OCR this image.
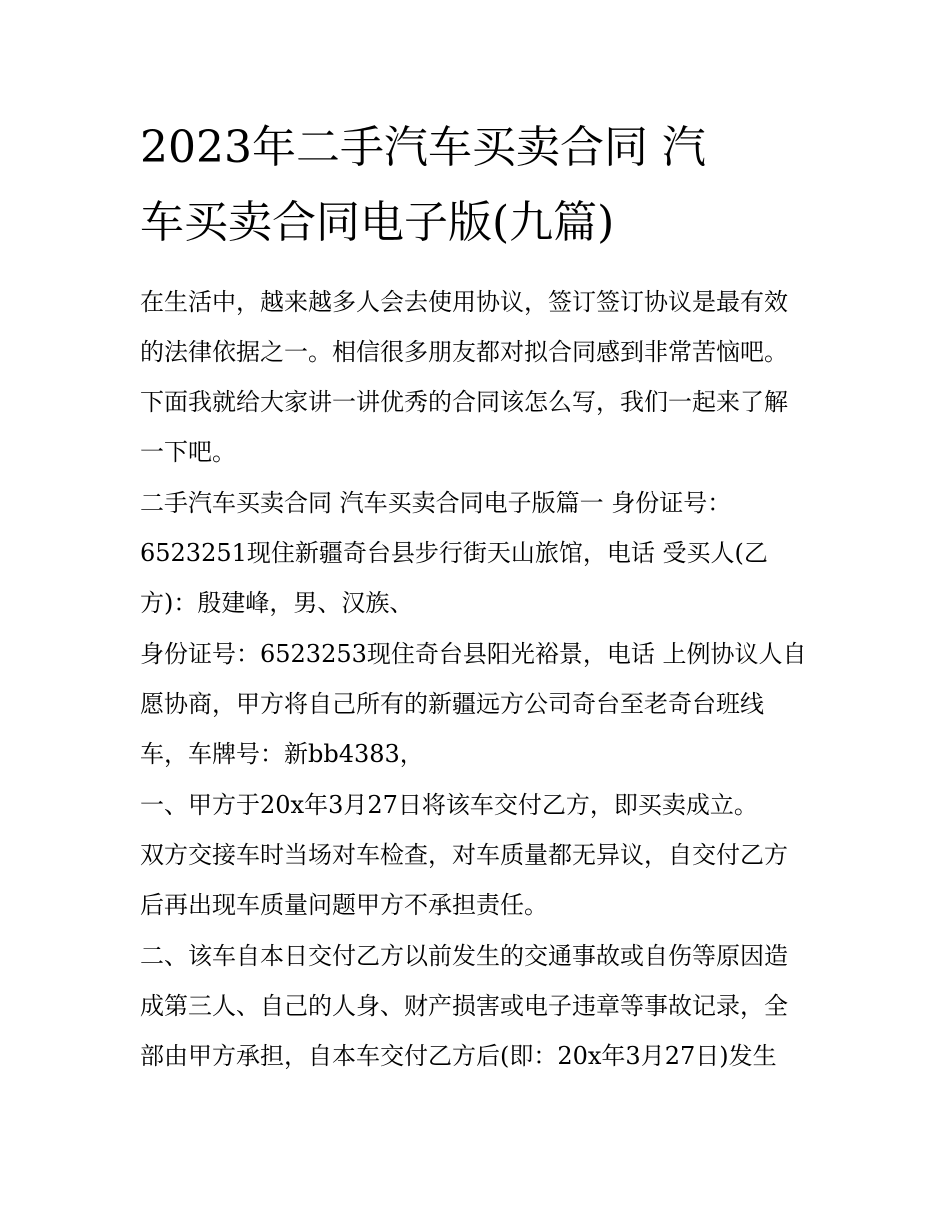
2023年二手汽车买卖合同 汽
车买卖合同电子版(九篇)
在生活中，越来越多人会去使用协议，签订签订协议是最有效
的法律依据之一。相信很多朋友都对拟合同感到非常苦恼吧。
下面我就给大家讲一讲优秀的合同该怎么写，我们一起来了解
一下吧。
二手汽车买卖合同 汽车买卖合同电子版篇一 身份证号：
6523251现住新疆奇台县步行街天山旅馆，电话 受买人(乙
方)：殷建峰，男、汉族、
身份证号：6523253现住奇台县阳光裕景，电话 上例协议人自
愿协商，甲方将自己所有的新疆远方公司奇台至老奇台班线
车，车牌号：新bb4383，
一、甲方于20x年3月27日将该车交付乙方，即买卖成立。
双方交接车时当场对车检查，对车质量都无异议，自交付乙方
后再出现车质量问题甲方不承担责任。
二、该车自本日交付乙方以前发生的交通事故或自伤等原因造
成第三人、自己的人身、财产损害或电子违章等事故记录，全
部由甲方承担，自本车交付乙方后(即：20x年3月27日)发生
